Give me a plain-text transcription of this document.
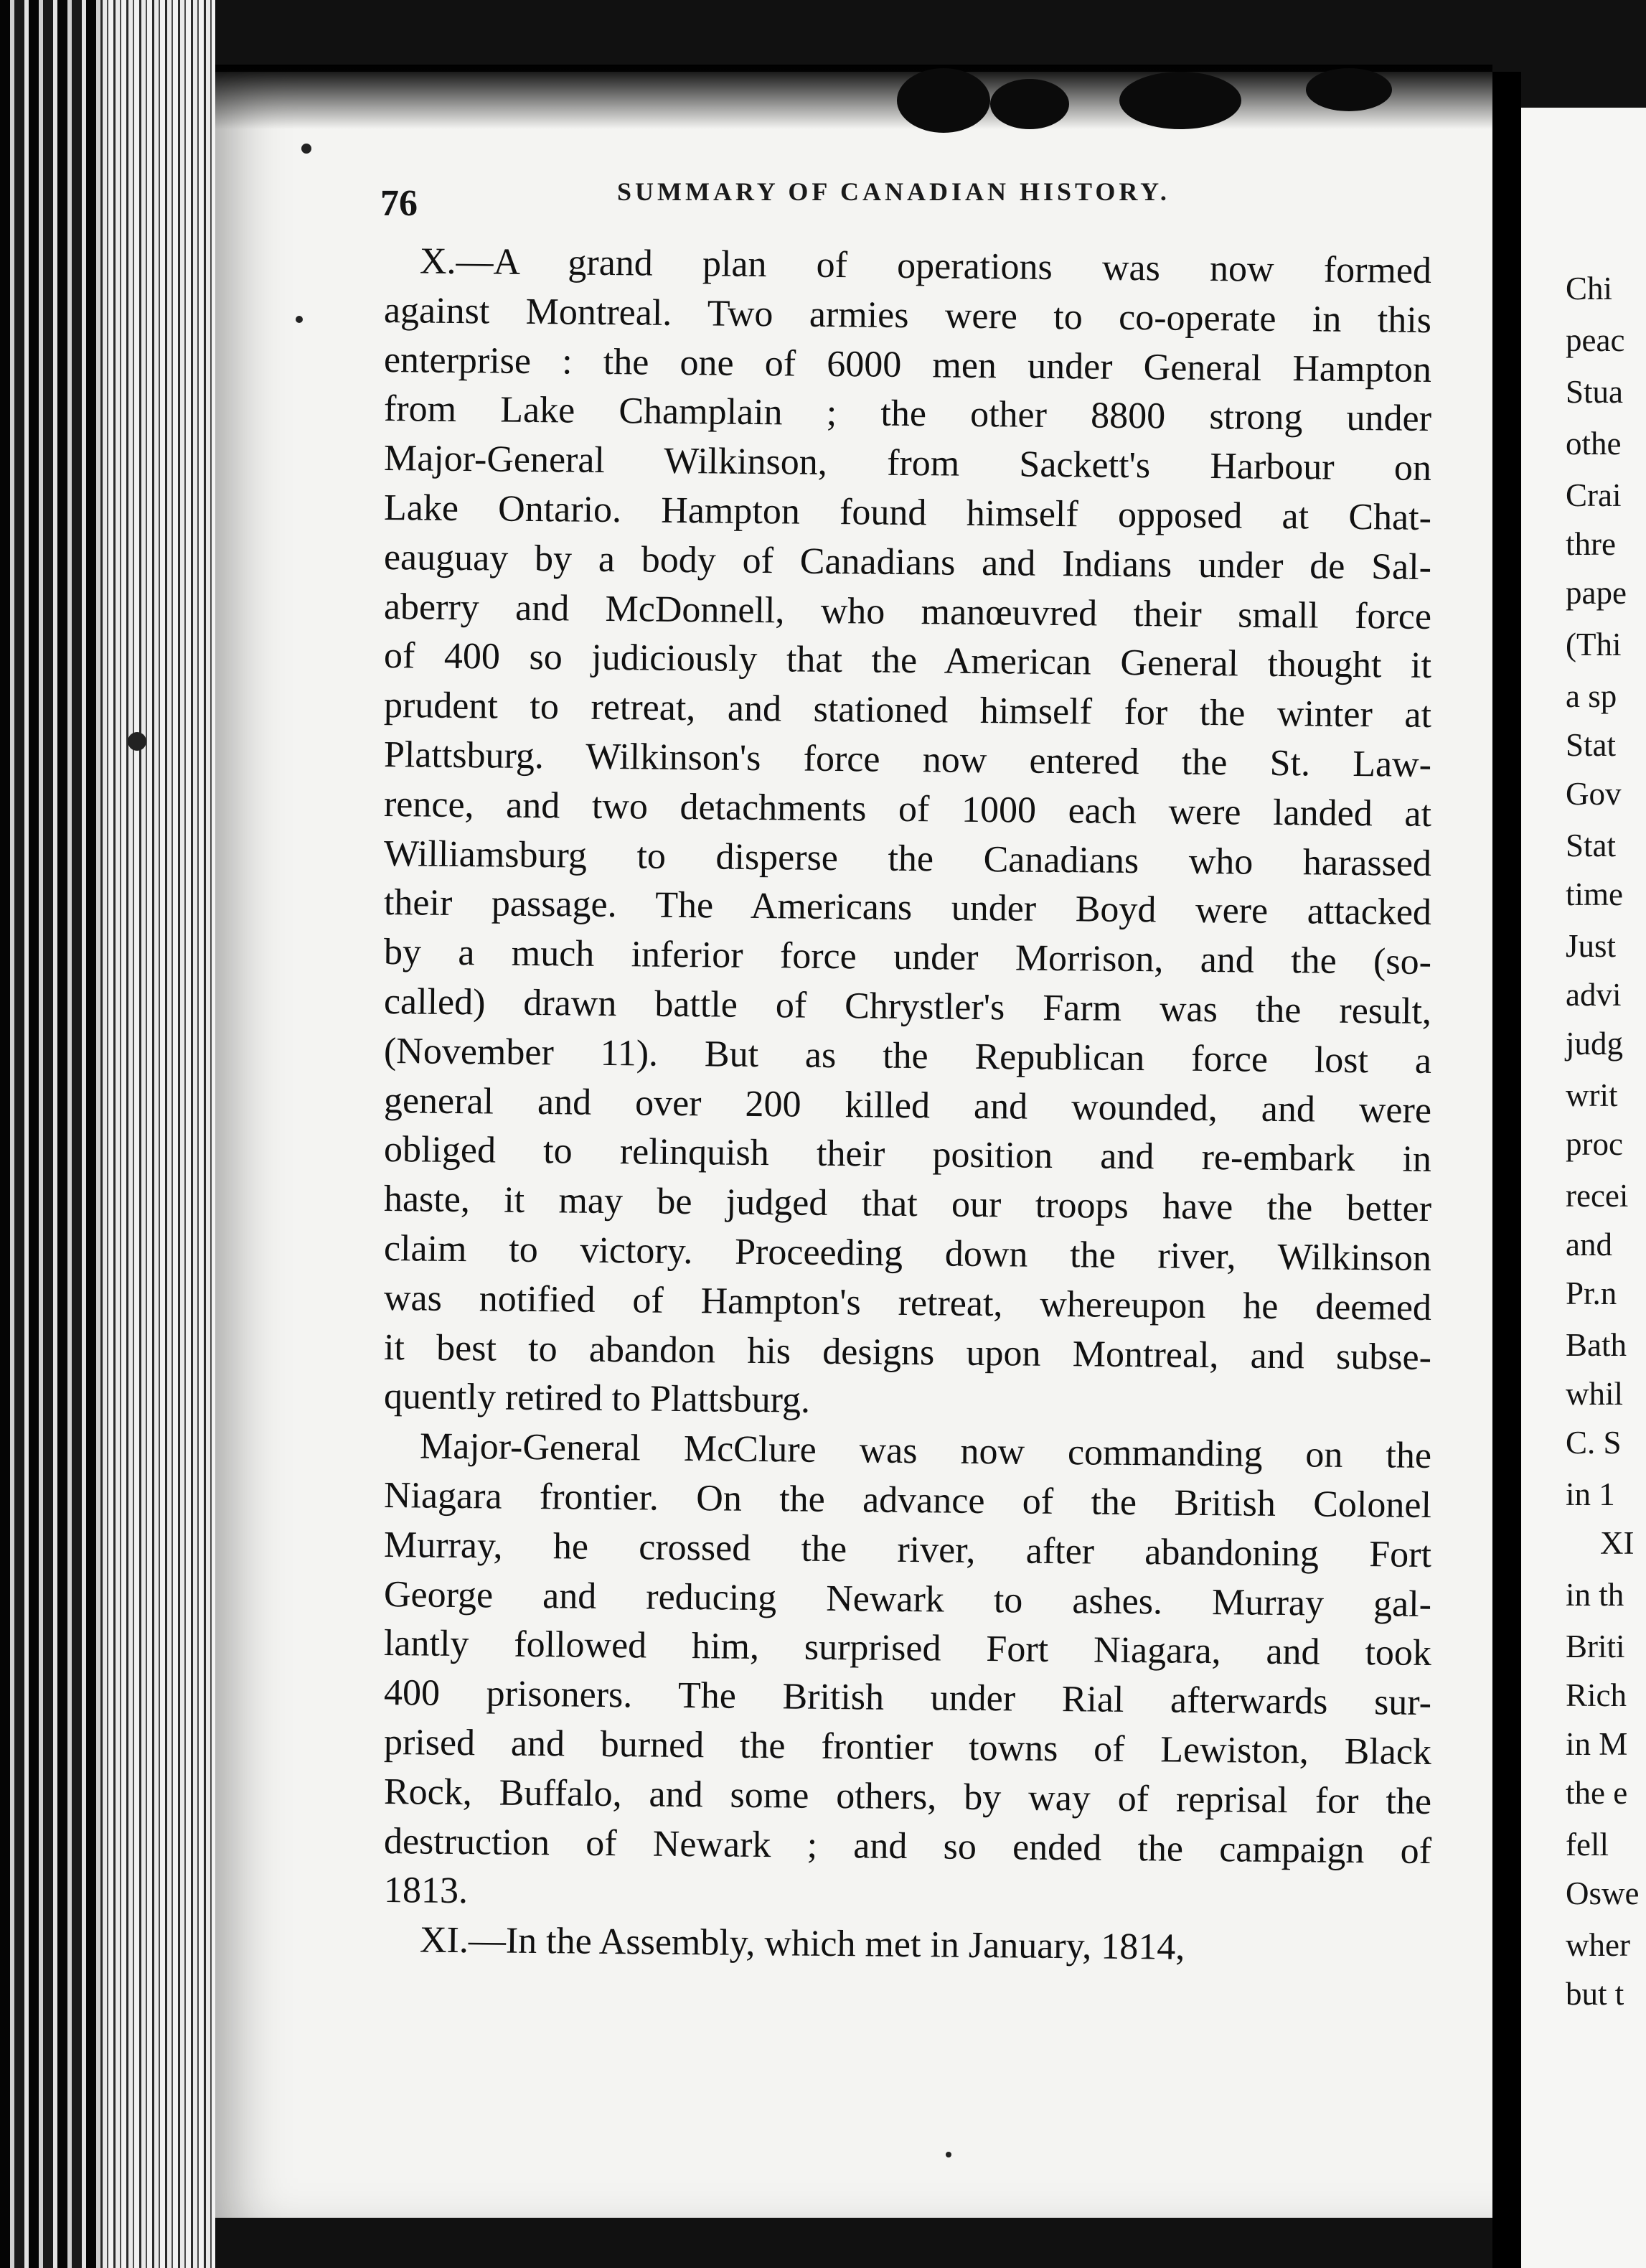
Chi
peac
Stua
othe
Crai
thre
pape
(Thi
a sp
Stat
Gov
Stat
time
Just
advi
judg
writ
proc
recei
and
Pr.n
Bath
whil
C. S
in 1
XI
in th
Briti
Rich
in M
the e
fell
Oswe
wher
but t
76	SUMMARY OF CANADIAN HISTORY.
X.—A grand plan of operations was now formed
against Montreal. Two armies were to co-operate in this
enterprise : the one of 6000 men under General Hampton
from Lake Champlain ; the other 8800 strong under
Major-General Wilkinson, from Sackett's Harbour on
Lake Ontario. Hampton found himself opposed at Chat-
eauguay by a body of Canadians and Indians under de Sal-
aberry and McDonnell, who manœuvred their small force
of 400 so judiciously that the American General thought it
prudent to retreat, and stationed himself for the winter at
Plattsburg. Wilkinson's force now entered the St. Law-
rence, and two detachments of 1000 each were landed at
Williamsburg to disperse the Canadians who harassed
their passage. The Americans under Boyd were attacked
by a much inferior force under Morrison, and the (so-
called) drawn battle of Chrystler's Farm was the result,
(November 11). But as the Republican force lost a
general and over 200 killed and wounded, and were
obliged to relinquish their position and re-embark in
haste, it may be judged that our troops have the better
claim to victory. Proceeding down the river, Wilkinson
was notified of Hampton's retreat, whereupon he deemed
it best to abandon his designs upon Montreal, and subse-
quently retired to Plattsburg.
Major-General McClure was now commanding on the
Niagara frontier. On the advance of the British Colonel
Murray, he crossed the river, after abandoning Fort
George and reducing Newark to ashes. Murray gal-
lantly followed him, surprised Fort Niagara, and took
400 prisoners. The British under Rial afterwards sur-
prised and burned the frontier towns of Lewiston, Black
Rock, Buffalo, and some others, by way of reprisal for the
destruction of Newark ; and so ended the campaign of
1813.
XI.—In the Assembly, which met in January, 1814,
